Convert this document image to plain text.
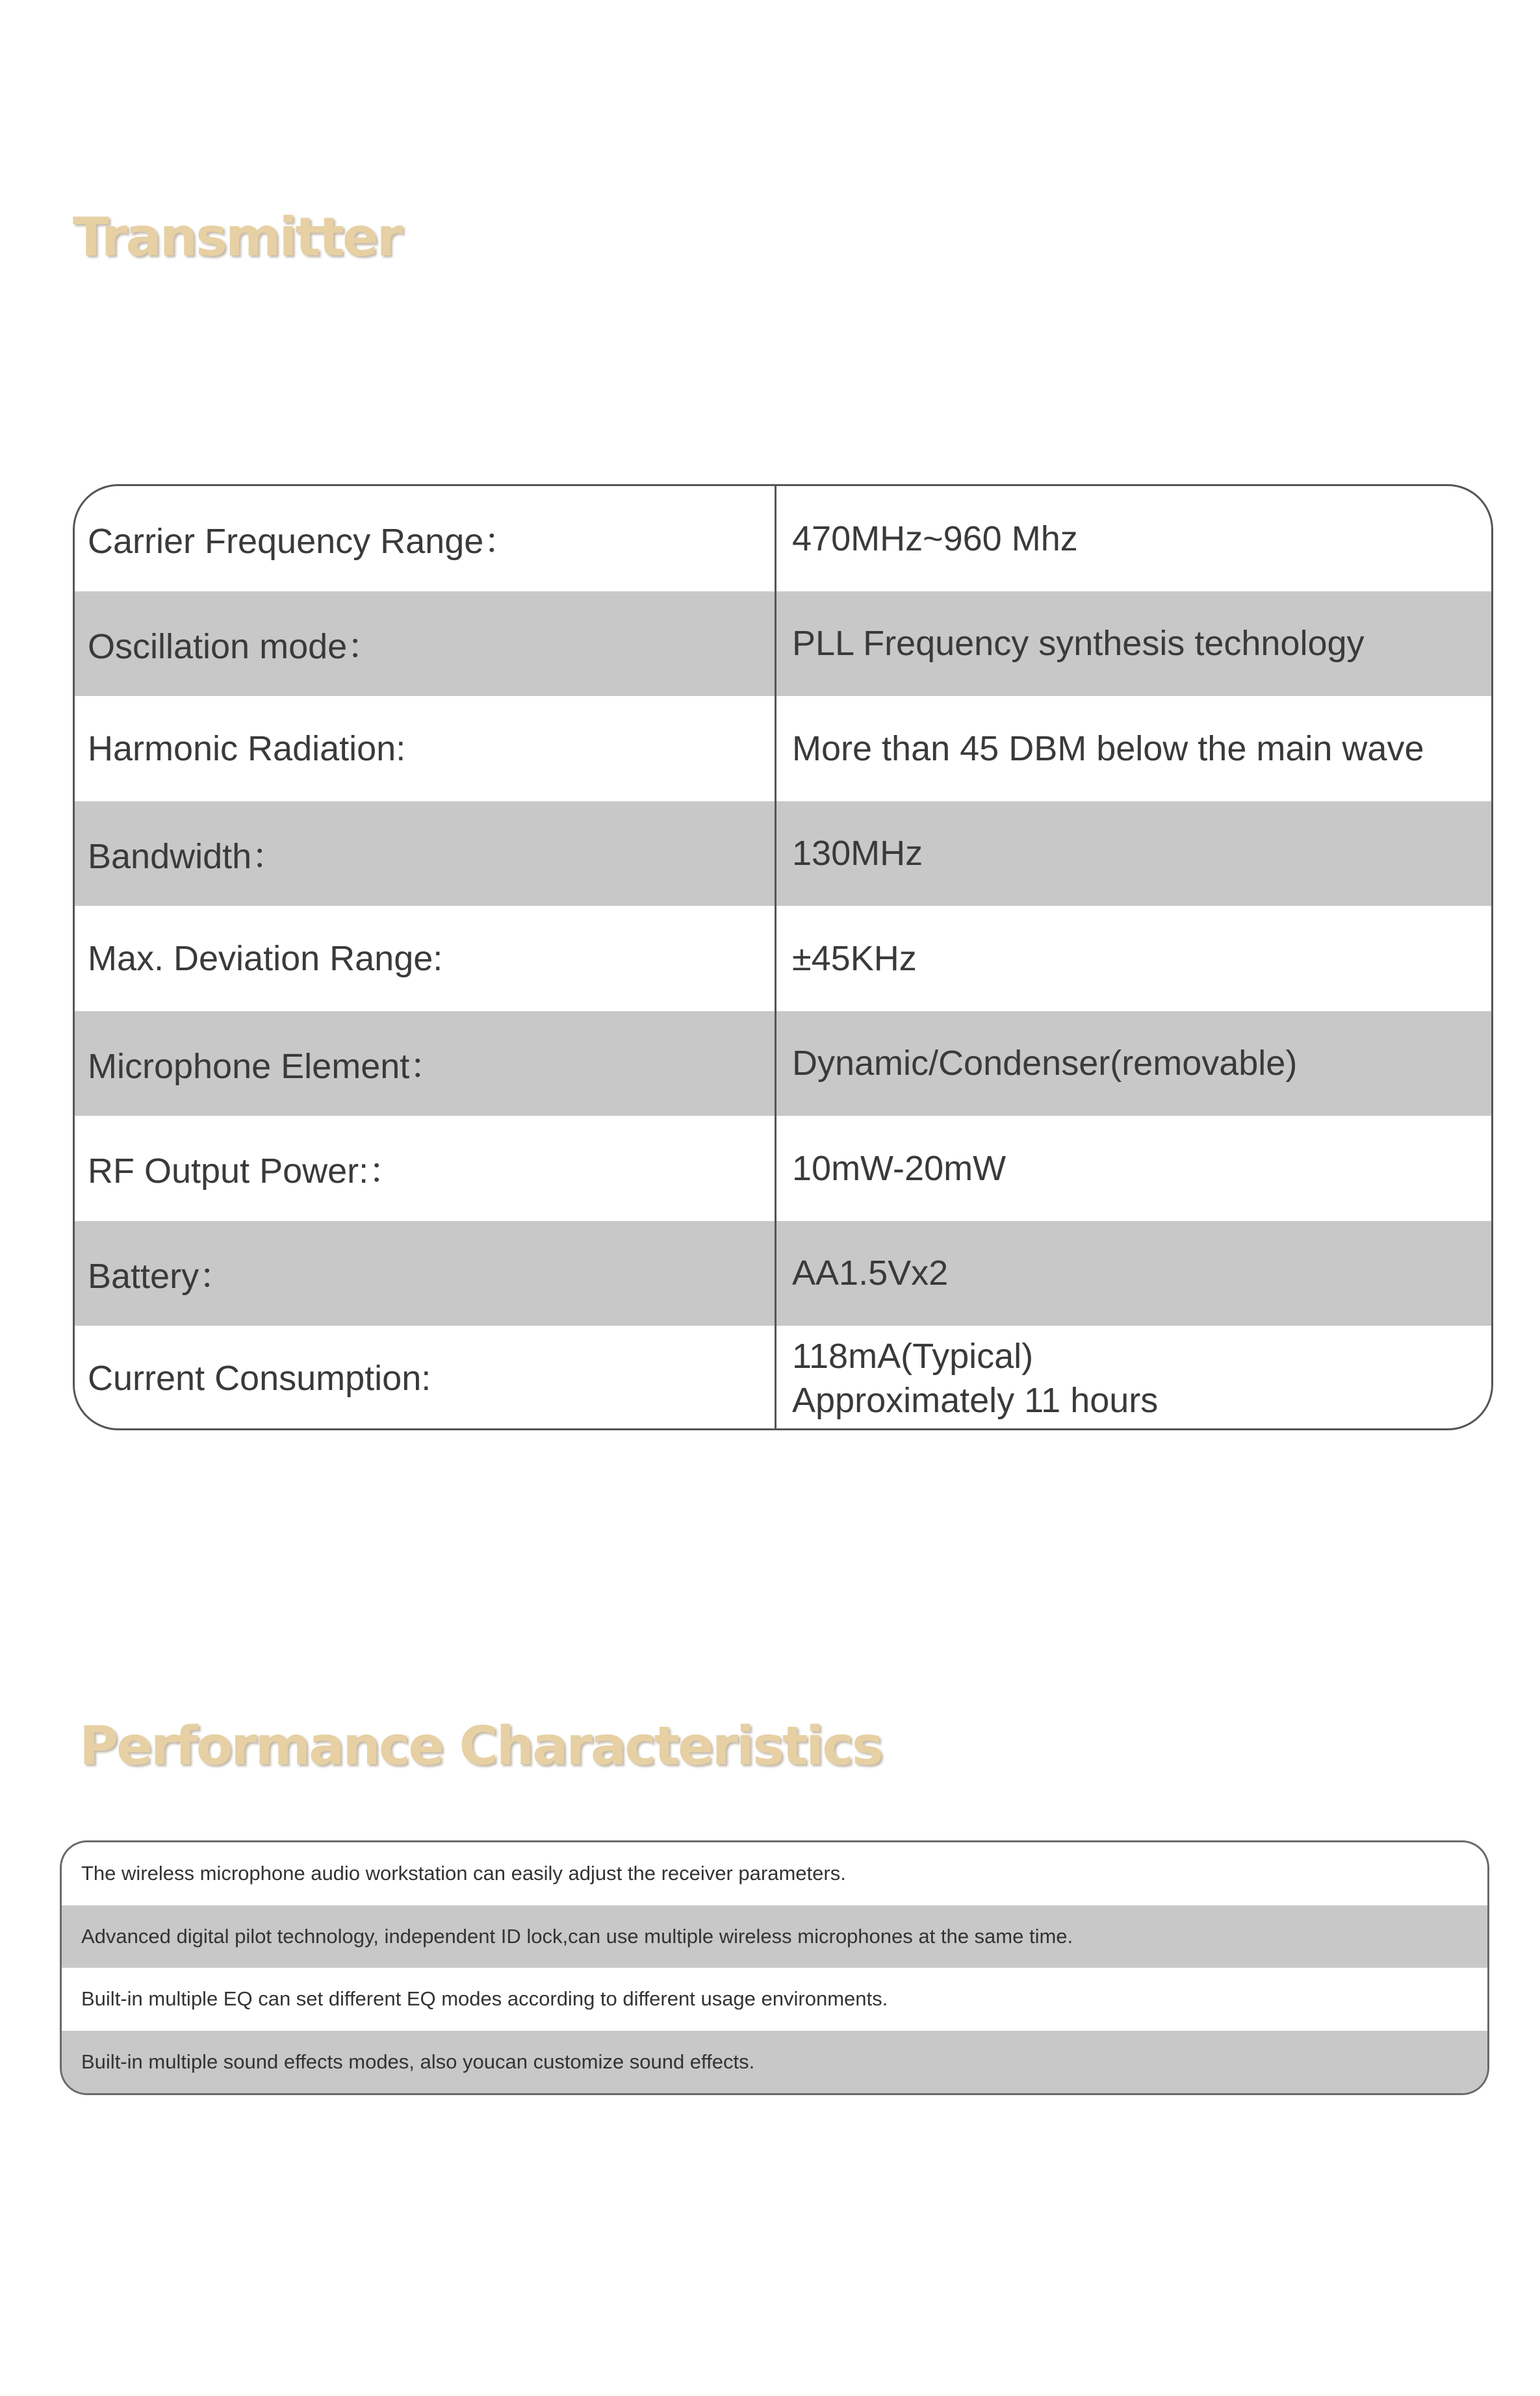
Transmitter
Carrier Frequency Range：	470MHz~960 Mhz
Oscillation mode：	PLL Frequency synthesis technology
Harmonic Radiation:	More than 45 DBM below the main wave
Bandwidth：	130MHz
Max. Deviation Range:	±45KHz
Microphone Element：	Dynamic/Condenser(removable)
RF Output Power:：	10mW-20mW
Battery：	AA1.5Vx2
Current Consumption:
118mA(Typical)
Approximately 11 hours
Performance Characteristics
The wireless microphone audio workstation can easily adjust the receiver parameters.
Advanced digital pilot technology, independent ID lock,can use multiple wireless microphones at the same time.
Built-in multiple EQ can set different EQ modes according to different usage environments.
Built-in multiple sound effects modes, also youcan customize sound effects.
